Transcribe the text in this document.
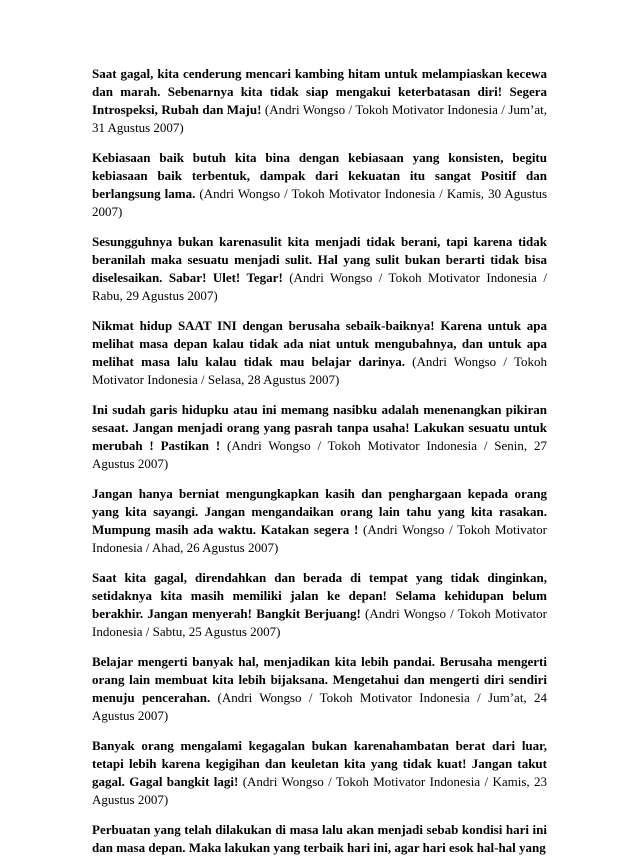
Saat gagal, kita cenderung mencari kambing hitam untuk melampiaskan kecewa dan marah. Sebenarnya kita tidak siap mengakui keterbatasan diri! Segera Introspeksi, Rubah dan Maju! (Andri Wongso / Tokoh Motivator Indonesia / Jum’at, 31 Agustus 2007)

Kebiasaan baik butuh kita bina dengan kebiasaan yang konsisten, begitu kebiasaan baik terbentuk, dampak dari kekuatan itu sangat Positif dan berlangsung lama. (Andri Wongso / Tokoh Motivator Indonesia / Kamis, 30 Agustus 2007)

Sesungguhnya bukan karenasulit kita menjadi tidak berani, tapi karena tidak beranilah maka sesuatu menjadi sulit. Hal yang sulit bukan berarti tidak bisa diselesaikan. Sabar! Ulet! Tegar! (Andri Wongso / Tokoh Motivator Indonesia / Rabu, 29 Agustus 2007)

Nikmat hidup SAAT INI dengan berusaha sebaik-baiknya! Karena untuk apa melihat masa depan kalau tidak ada niat untuk mengubahnya, dan untuk apa melihat masa lalu kalau tidak mau belajar darinya. (Andri Wongso / Tokoh Motivator Indonesia / Selasa, 28 Agustus 2007)

Ini sudah garis hidupku atau ini memang nasibku adalah menenangkan pikiran sesaat. Jangan menjadi orang yang pasrah tanpa usaha! Lakukan sesuatu untuk merubah ! Pastikan ! (Andri Wongso / Tokoh Motivator Indonesia / Senin, 27 Agustus 2007)

Jangan hanya berniat mengungkapkan kasih dan penghargaan kepada orang yang kita sayangi. Jangan mengandaikan orang lain tahu yang kita rasakan. Mumpung masih ada waktu. Katakan segera ! (Andri Wongso / Tokoh Motivator Indonesia / Ahad, 26 Agustus 2007)

Saat kita gagal, direndahkan dan berada di tempat yang tidak dinginkan, setidaknya kita masih memiliki jalan ke depan! Selama kehidupan belum berakhir. Jangan menyerah! Bangkit Berjuang! (Andri Wongso / Tokoh Motivator Indonesia / Sabtu, 25 Agustus 2007)

Belajar mengerti banyak hal, menjadikan kita lebih pandai. Berusaha mengerti orang lain membuat kita lebih bijaksana. Mengetahui dan mengerti diri sendiri menuju pencerahan. (Andri Wongso / Tokoh Motivator Indonesia / Jum’at, 24 Agustus 2007)

Banyak orang mengalami kegagalan bukan karenahambatan berat dari luar, tetapi lebih karena kegigihan dan keuletan kita yang tidak kuat! Jangan takut gagal. Gagal bangkit lagi! (Andri Wongso / Tokoh Motivator Indonesia / Kamis, 23 Agustus 2007)

Perbuatan yang telah dilakukan di masa lalu akan menjadi sebab kondisi hari ini dan masa depan. Maka lakukan yang terbaik hari ini, agar hari esok hal-hal yang
